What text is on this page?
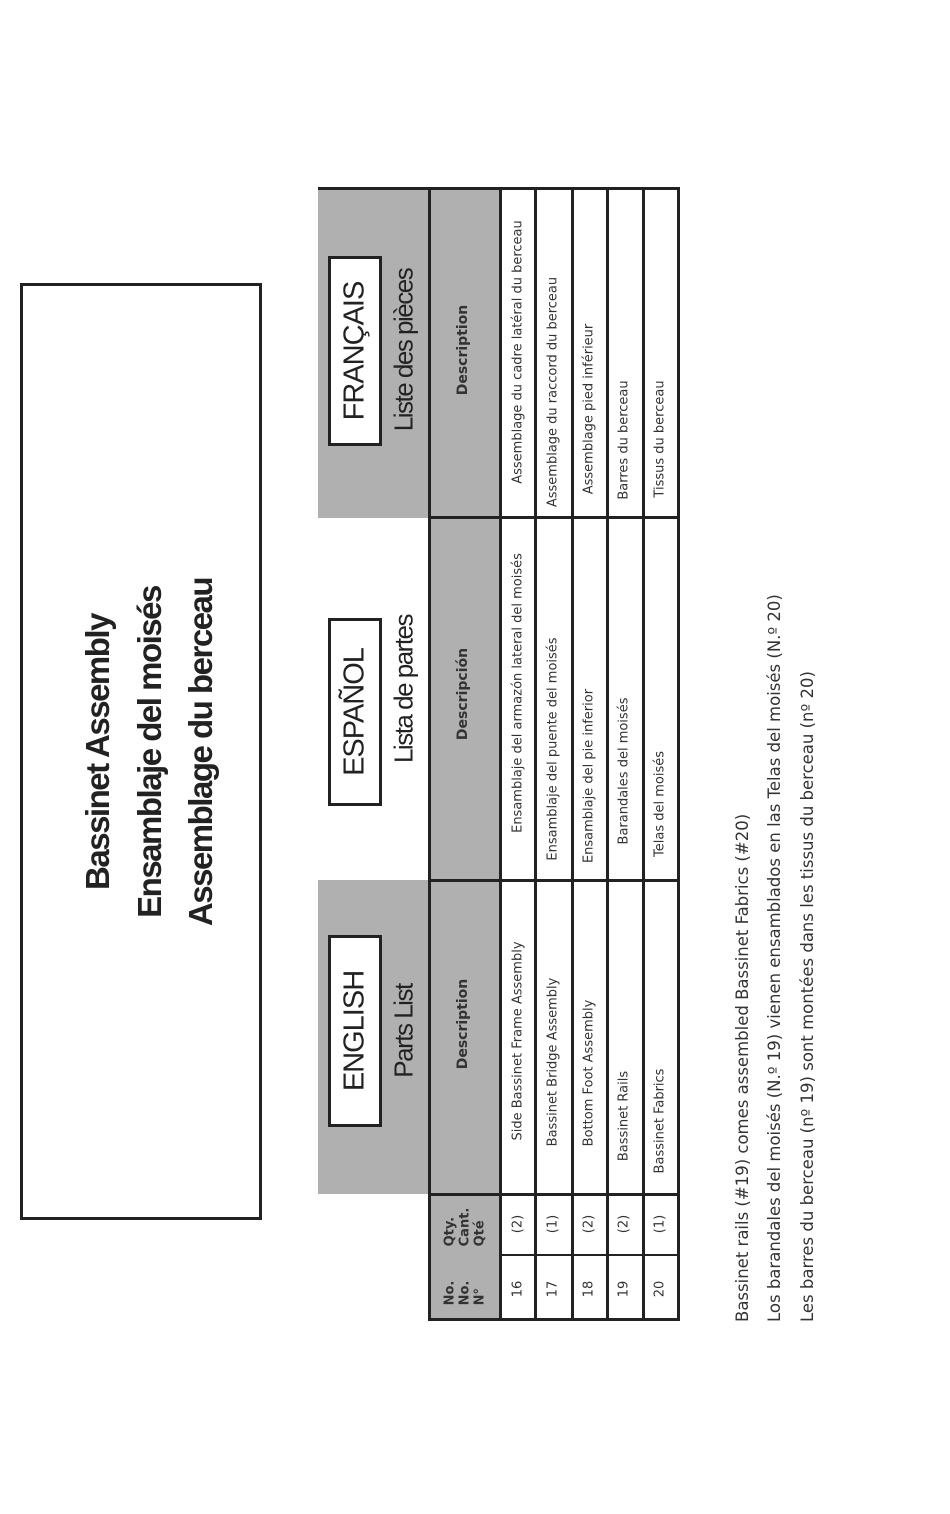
Bassinet Assembly Ensamblaje del moisés Assemblage du berceau
ENGLISH
ESPAÑOL
FRANÇAIS
Parts List
Lista de partes
Liste des pièces
Description
Descripción
Description
No. No. N°
Qty. Cant. Qté
16
(2)
Side Bassinet Frame Assembly
Ensamblaje del armazón lateral del moisés
Assemblage du cadre latéral du berceau
17
(1)
Bassinet Bridge Assembly
Ensamblaje del puente del moisés
Assemblage du raccord du berceau
18
(2)
Bottom Foot Assembly
Ensamblaje del pie inferior
Assemblage pied inférieur
19
(2)
Bassinet Rails
Barandales del moisés
Barres du berceau
20
(1)
Bassinet Fabrics
Telas del moisés
Tissus du berceau
Bassinet rails (#19) comes assembled Bassinet Fabrics (#20) Los barandales del moisés (N.º 19) vienen ensamblados en las Telas del moisés (N.º 20) Les barres du berceau (nº 19) sont montées dans les tissus du berceau (nº 20)
